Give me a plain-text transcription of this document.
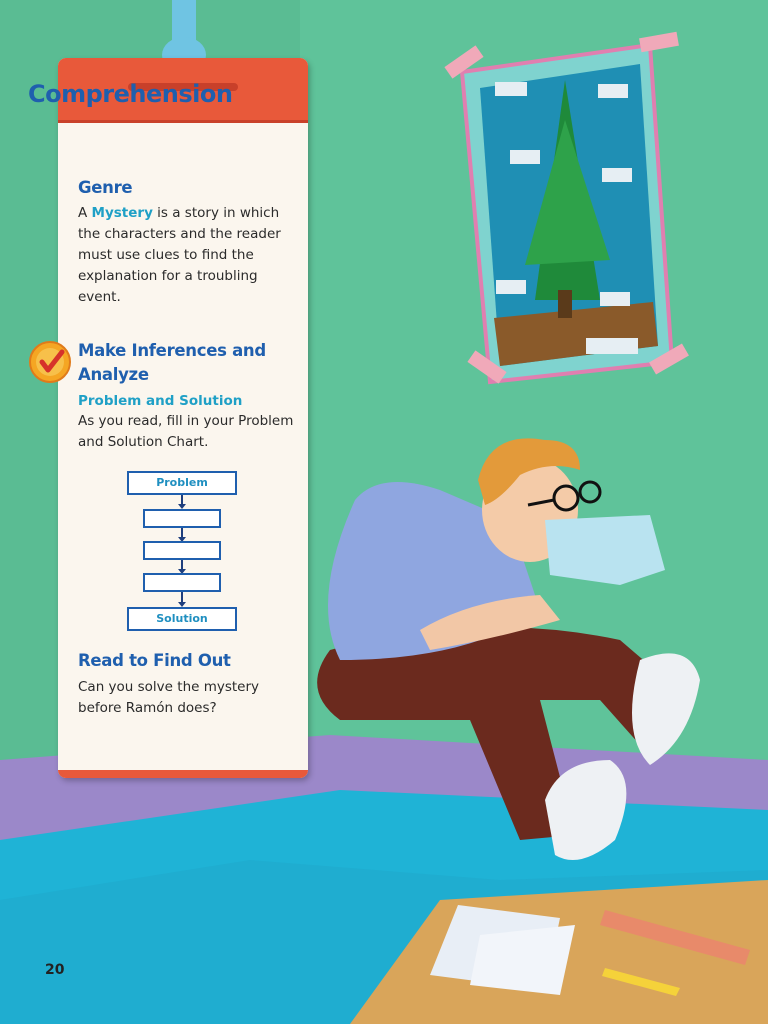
Comprehension
Genre
A Mystery is a story in which the characters and the reader must use clues to find the explanation for a troubling event.
Make Inferences and
Analyze
Problem and Solution
As you read, fill in your Problem and Solution Chart.
Problem
Solution
Read to Find Out
Can you solve the mystery before Ramón does?
20
